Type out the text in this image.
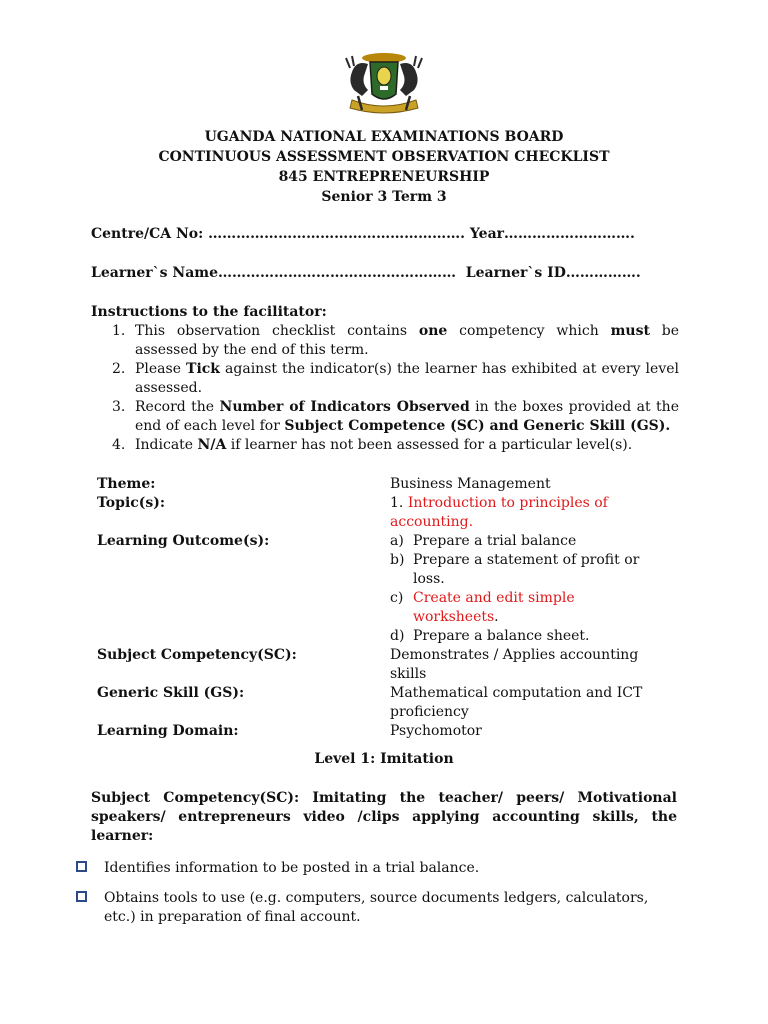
UGANDA NATIONAL EXAMINATIONS BOARD
CONTINUOUS ASSESSMENT OBSERVATION CHECKLIST
845 ENTREPRENEURSHIP
Senior 3 Term 3
Centre/CA No: ………………………………………………. Year……………………….
Learner`s Name…………………………………………… Learner`s ID…………….
Instructions to the facilitator:
1. This observation checklist contains one competency which must be assessed by the end of this term.
2. Please Tick against the indicator(s) the learner has exhibited at every level assessed.
3. Record the Number of Indicators Observed in the boxes provided at the end of each level for Subject Competence (SC) and Generic Skill (GS).
4. Indicate N/A if learner has not been assessed for a particular level(s).
Theme:	Business Management
Topic(s):	1. Introduction to principles of accounting.
Learning Outcome(s):	a) Prepare a trial balance
b) Prepare a statement of profit or loss.
c) Create and edit simple worksheets.
d) Prepare a balance sheet.
Subject Competency(SC):	Demonstrates / Applies accounting skills
Generic Skill (GS):	Mathematical computation and ICT proficiency
Learning Domain:	Psychomotor
Level 1: Imitation
Subject Competency(SC): Imitating the teacher/ peers/ Motivational speakers/ entrepreneurs video /clips applying accounting skills, the learner:
Identifies information to be posted in a trial balance.
Obtains tools to use (e.g. computers, source documents ledgers, calculators, etc.) in preparation of final account.
